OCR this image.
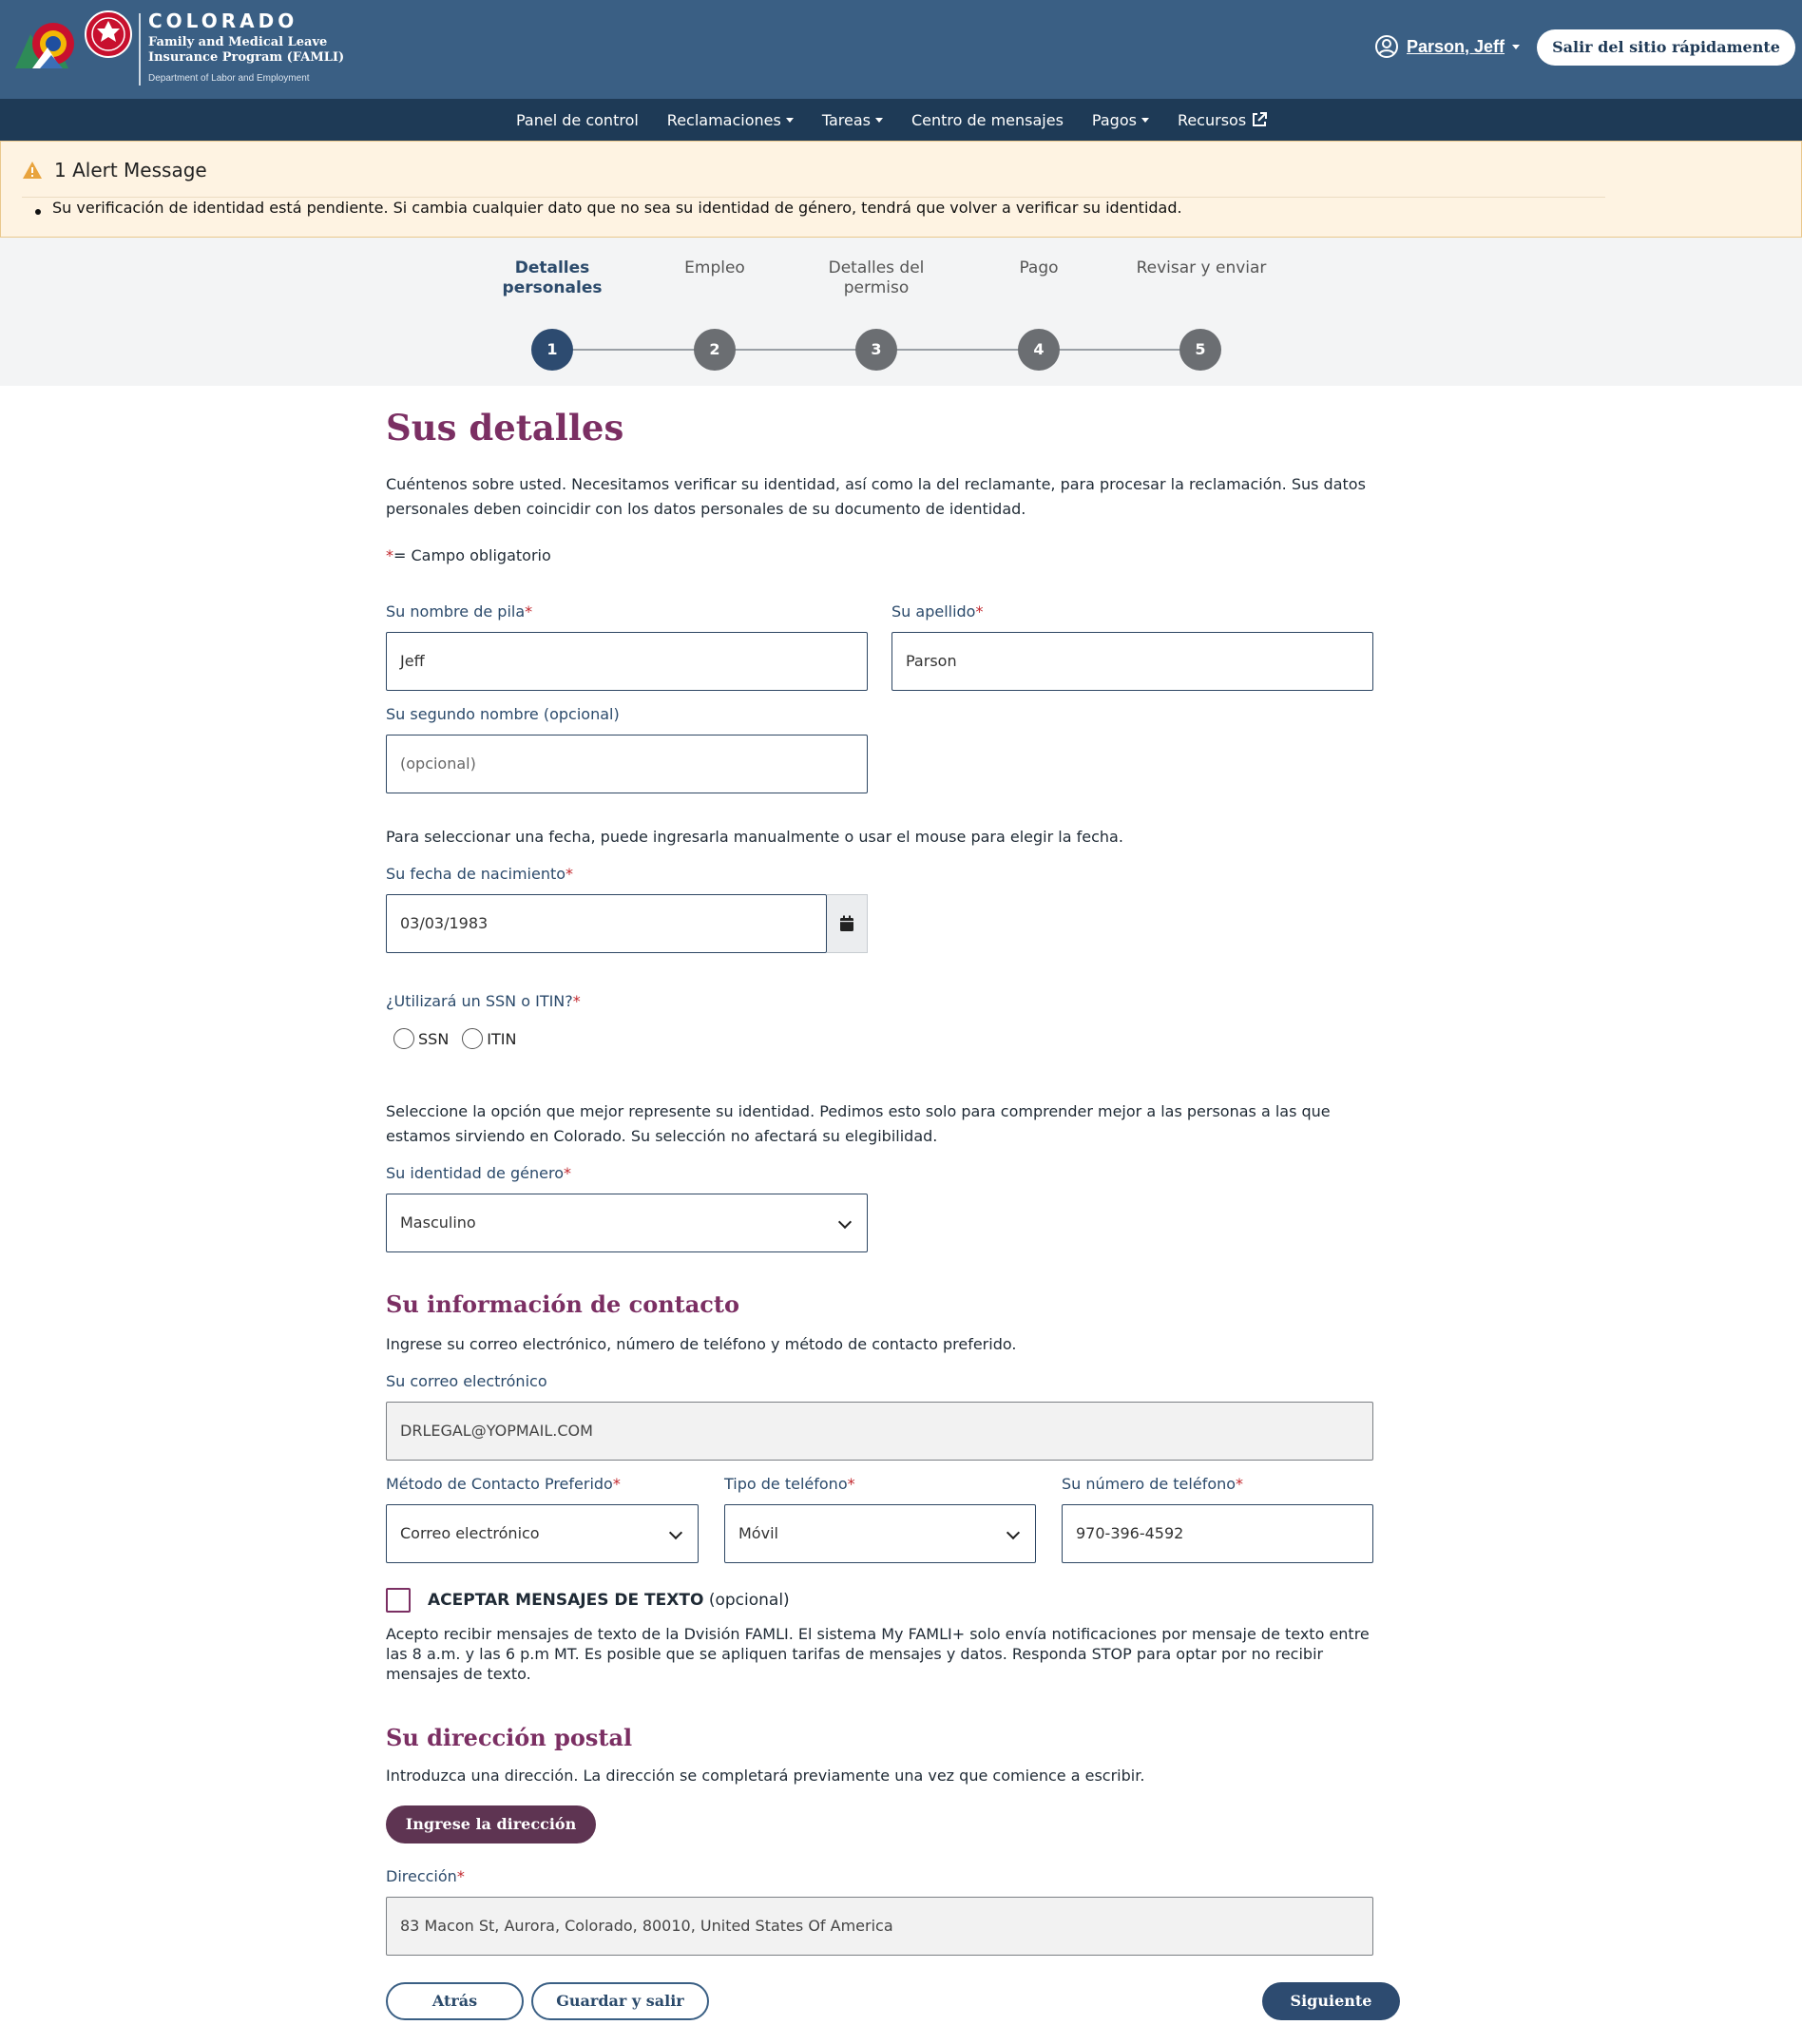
COLORADO
Family and Medical Leave Insurance Program (FAMLI)
Department of Labor and Employment
Parson, Jeff	Salir del sitio rápidamente
Panel de control Reclamaciones	Tareas	Centro de mensajes Pagos	Recursos
1 Alert Message
Su verificación de identidad está pendiente. Si cambia cualquier dato que no sea su identidad de género, tendrá que volver a verificar su identidad.
Detalles personales
Empleo	Detalles del permiso
Pago	Revisar y enviar
1	2	3	4	5
Sus detalles
Cuéntenos sobre usted. Necesitamos verificar su identidad, así como la del reclamante, para procesar la reclamación. Sus datos personales deben coincidir con los datos personales de su documento de identidad.
*= Campo obligatorio
Su nombre de pila*
Jeff
Su apellido*
Parson
Su segundo nombre (opcional)
(opcional)
Para seleccionar una fecha, puede ingresarla manualmente o usar el mouse para elegir la fecha.
Su fecha de nacimiento*
03/03/1983
¿Utilizará un SSN o ITIN?*
SSN	ITIN
Seleccione la opción que mejor represente su identidad. Pedimos esto solo para comprender mejor a las personas a las que estamos sirviendo en Colorado. Su selección no afectará su elegibilidad.
Su identidad de género*
Masculino
Su información de contacto
Ingrese su correo electrónico, número de teléfono y método de contacto preferido.
Su correo electrónico
DRLEGAL@YOPMAIL.COM
Método de Contacto Preferido*
Correo electrónico
Tipo de teléfono*
Móvil
Su número de teléfono*
970-396-4592
ACEPTAR MENSAJES DE TEXTO (opcional)
Acepto recibir mensajes de texto de la Dvisión FAMLI. El sistema My FAMLI+ solo envía notificaciones por mensaje de texto entre las 8 a.m. y las 6 p.m MT. Es posible que se apliquen tarifas de mensajes y datos. Responda STOP para optar por no recibir mensajes de texto.
Su dirección postal
Introduzca una dirección. La dirección se completará previamente una vez que comience a escribir.
Ingrese la dirección
Dirección*
83 Macon St, Aurora, Colorado, 80010, United States Of America
Atrás	Guardar y salir	Siguiente
